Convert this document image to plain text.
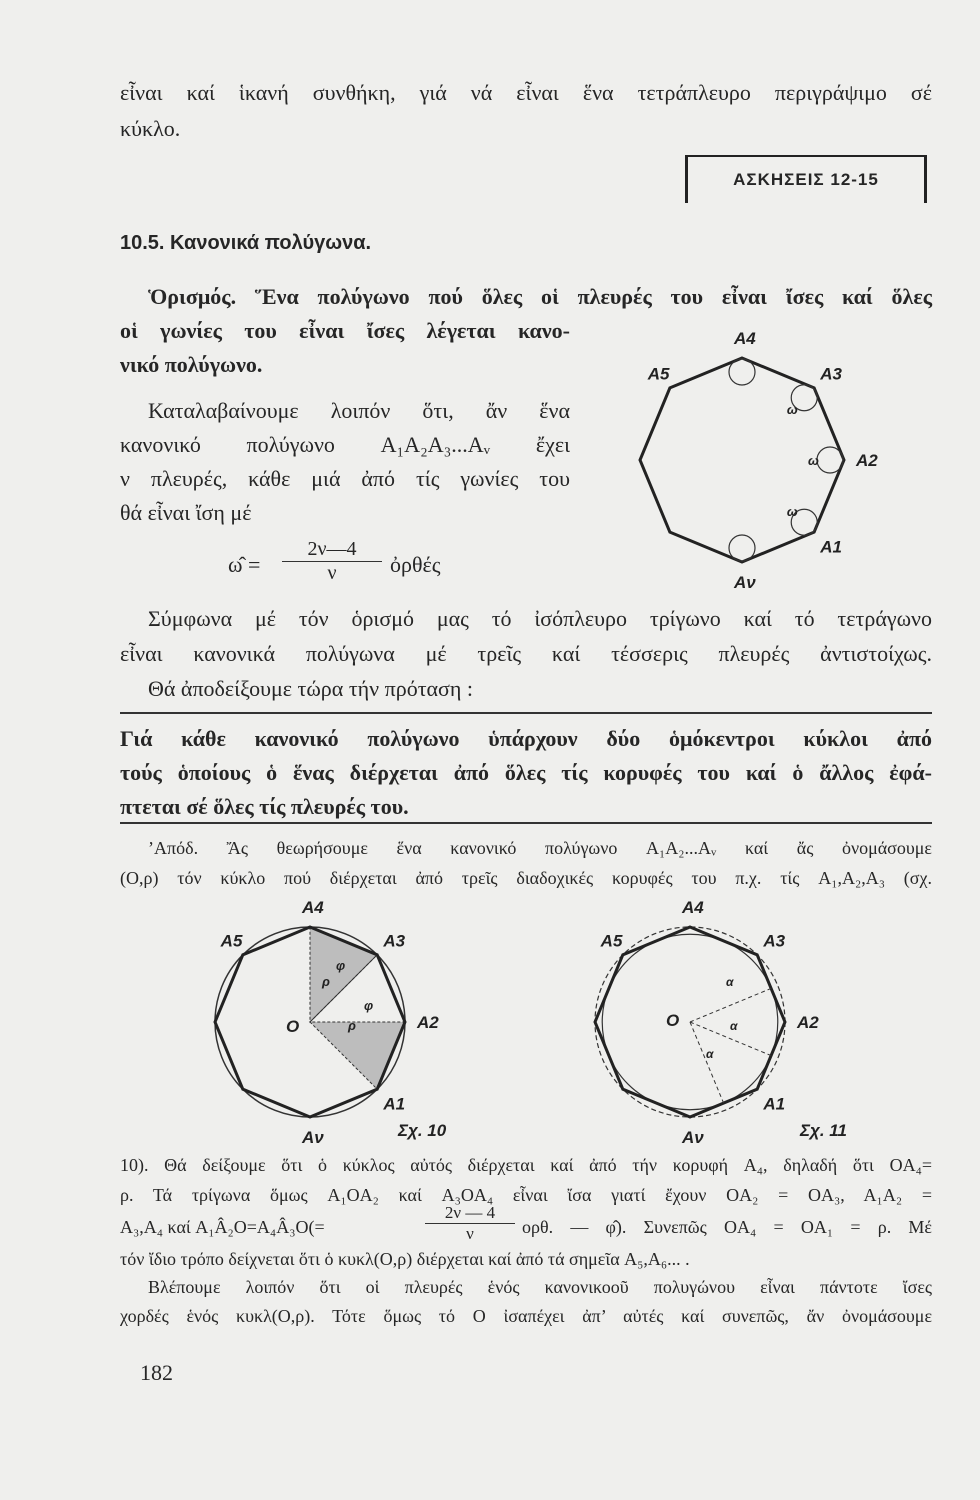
εἶναι καί ἱκανή συνθήκη, γιά νά εἶναι ἕνα τετράπλευρο περιγράψιμο σέ
κύκλο.
ΑΣΚΗΣΕΙΣ 12-15
10.5. Κανονικά πολύγωνα.
Ὁρισμός. Ἕνα πολύγωνο πού ὅλες οἱ πλευρές του εἶναι ἴσες καί ὅλες
οἱ γωνίες του εἶναι ἴσες λέγεται κανο-
νικό πολύγωνο.
Καταλαβαίνουμε λοιπόν ὅτι, ἄν ἕνα
κανονικό πολύγωνο A₁A₂A₃...Aᵥ ἔχει
ν πλευρές, κάθε μιά ἀπό τίς γωνίες του
θά εἶναι ἴση μέ
ω̂ = $\frac{2\nu—4}{\nu}$ ὀρθές
A4
A3
A2
A1
Aν
A5
ω
ω
ω
Σύμφωνα μέ τόν ὁρισμό μας τό ἰσόπλευρο τρίγωνο καί τό τετράγωνο
εἶναι κανονικά πολύγωνα μέ τρεῖς καί τέσσερις πλευρές ἀντιστοίχως.
Θά ἀποδείξουμε τώρα τήν πρόταση :
Γιά κάθε κανονικό πολύγωνο ὑπάρχουν δύο ὁμόκεντροι κύκλοι ἀπό
τούς ὁποίους ὁ ἕνας διέρχεται ἀπό ὅλες τίς κορυφές του καί ὁ ἄλλος ἐφά-
πτεται σέ ὅλες τίς πλευρές του.
’Απόδ. Ἄς θεωρήσουμε ἕνα κανονικό πολύγωνο A₁A₂...Aᵥ καί ἄς ὀνομάσουμε
(O,ρ) τόν κύκλο πού διέρχεται ἀπό τρεῖς διαδοχικές κορυφές του π.χ. τίς A₁,A₂,A₃ (σχ.
A4
A3
A2
A1
Aν
A5
O
ρ
ρ
φ
φ
Σχ. 10
A4
A3
A2
A1
Aν
A5
O
α
α
α
Σχ. 11
10). Θά δείξουμε ὅτι ὁ κύκλος αὐτός διέρχεται καί ἀπό τήν κορυφή A₄, δηλαδή ὅτι OA₄=
ρ. Τά τρίγωνα ὅμως A₁OA₂ καί A₃OA₄ εἶναι ἴσα γιατί ἔχουν OA₂ = OA₃, A₁A₂ =
A₃,A₄ καί A₁Â₂O=A₄Â₃O(=	$\frac{2\nu — 4}{\nu} o\rho\theta$. — φ̂). Συνεπῶς OA₄ = OA₁ = ρ. Μέ
τόν ἴδιο τρόπο δείχνεται ὅτι ὁ κυκλ(O,ρ) διέρχεται καί ἀπό τά σημεῖα A₅,A₆... .
Βλέπουμε λοιπόν ὅτι οἱ πλευρές ἑνός κανονικοοῦ πολυγώνου εἶναι πάντοτε ἴσες
χορδές ἑνός κυκλ(O,ρ). Τότε ὅμως τό O ἰσαπέχει ἀπ’ αὐτές καί συνεπῶς, ἄν ὀνομάσουμε
182
